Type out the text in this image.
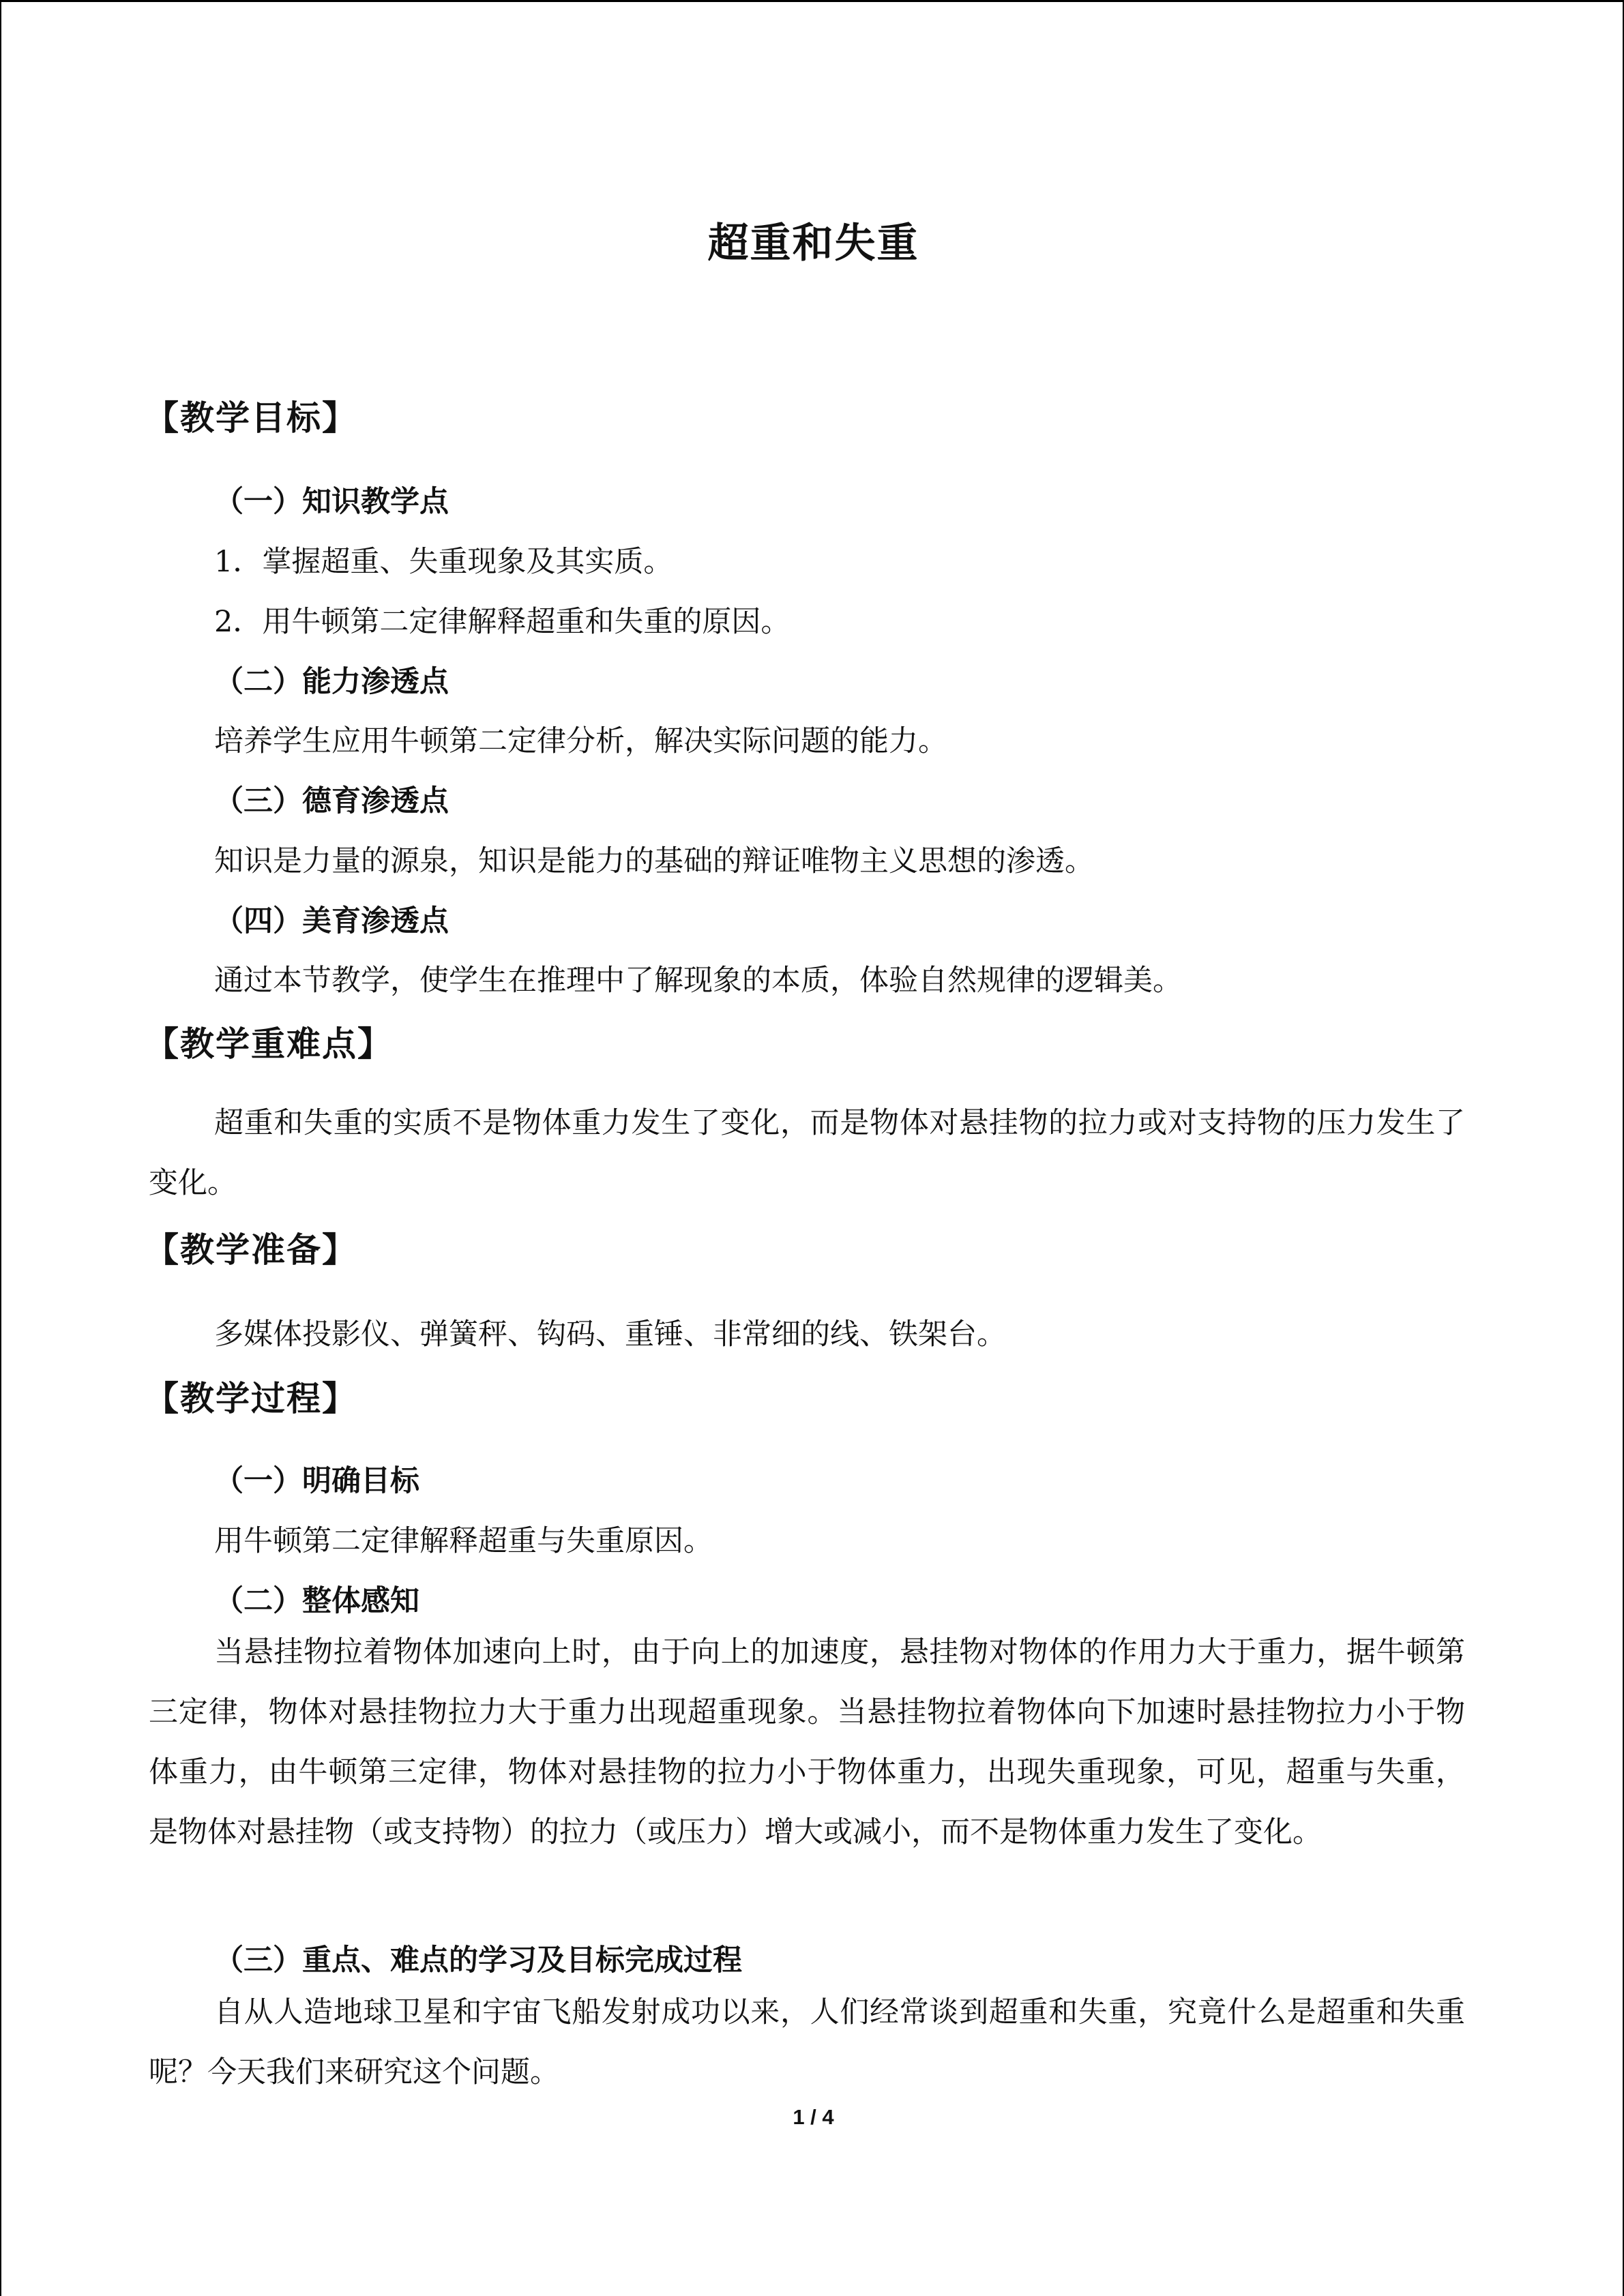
超重和失重
【教学目标】
（一）知识教学点
1．掌握超重、失重现象及其实质。
2．用牛顿第二定律解释超重和失重的原因。
（二）能力渗透点
培养学生应用牛顿第二定律分析，解决实际问题的能力。
（三）德育渗透点
知识是力量的源泉，知识是能力的基础的辩证唯物主义思想的渗透。
（四）美育渗透点
通过本节教学，使学生在推理中了解现象的本质，体验自然规律的逻辑美。
【教学重难点】

超重和失重的实质不是物体重力发生了变化，而是物体对悬挂物的拉力或对支持物的压力发生了变化。

【教学准备】
多媒体投影仪、弹簧秤、钩码、重锤、非常细的线、铁架台。
【教学过程】
（一）明确目标
用牛顿第二定律解释超重与失重原因。
（二）整体感知

当悬挂物拉着物体加速向上时，由于向上的加速度，悬挂物对物体的作用力大于重力，据牛顿第三定律，物体对悬挂物拉力大于重力出现超重现象。当悬挂物拉着物体向下加速时悬挂物拉力小于物体重力，由牛顿第三定律，物体对悬挂物的拉力小于物体重力，出现失重现象，可见，超重与失重，是物体对悬挂物（或支持物）的拉力（或压力）增大或减小，而不是物体重力发生了变化。

（三）重点、难点的学习及目标完成过程

自从人造地球卫星和宇宙飞船发射成功以来，人们经常谈到超重和失重，究竟什么是超重和失重呢？今天我们来研究这个问题。

1 / 4
